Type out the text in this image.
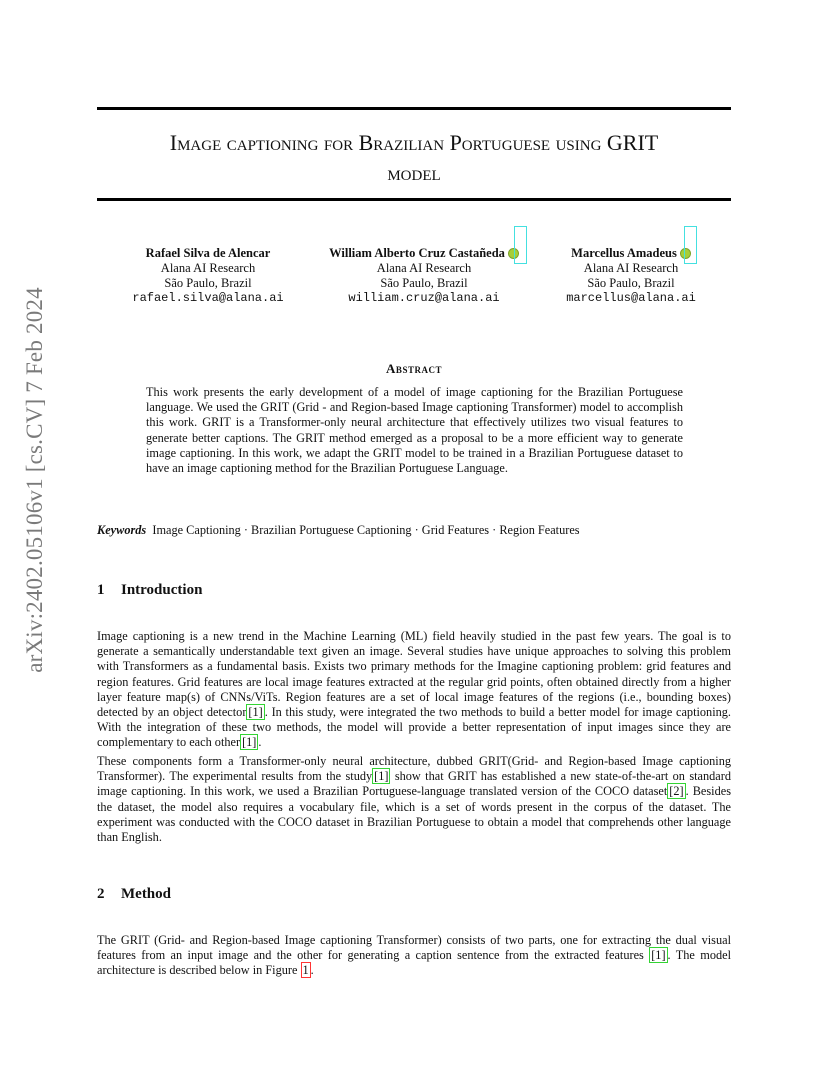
arXiv:2402.05106v1 [cs.CV] 7 Feb 2024
Image captioning for Brazilian Portuguese using GRIT
model
Rafael Silva de Alencar
Alana AI Research
São Paulo, Brazil
rafael.silva@alana.ai
William Alberto Cruz Castañeda
Alana AI Research
São Paulo, Brazil
william.cruz@alana.ai
Marcellus Amadeus
Alana AI Research
São Paulo, Brazil
marcellus@alana.ai
Abstract
This work presents the early development of a model of image captioning for the Brazilian Portuguese language. We used the GRIT (Grid - and Region-based Image captioning Transformer) model to accomplish this work. GRIT is a Transformer-only neural architecture that effectively utilizes two visual features to generate better captions. The GRIT method emerged as a proposal to be a more efficient way to generate image captioning. In this work, we adapt the GRIT model to be trained in a Brazilian Portuguese dataset to have an image captioning method for the Brazilian Portuguese Language.
Keywords Image Captioning · Brazilian Portuguese Captioning · Grid Features · Region Features
1 Introduction
Image captioning is a new trend in the Machine Learning (ML) field heavily studied in the past few years. The goal is to generate a semantically understandable text given an image. Several studies have unique approaches to solving this problem with Transformers as a fundamental basis. Exists two primary methods for the Imagine captioning problem: grid features and region features. Grid features are local image features extracted at the regular grid points, often obtained directly from a higher layer feature map(s) of CNNs/ViTs. Region features are a set of local image features of the regions (i.e., bounding boxes) detected by an object detector [1] . In this study, were integrated the two methods to build a better model for image captioning. With the integration of these two methods, the model will provide a better representation of input images since they are complementary to each other [1] .
These components form a Transformer-only neural architecture, dubbed GRIT(Grid- and Region-based Image captioning Transformer). The experimental results from the study [1] show that GRIT has established a new state-of-the-art on standard image captioning. In this work, we used a Brazilian Portuguese-language translated version of the COCO dataset [2] . Besides the dataset, the model also requires a vocabulary file, which is a set of words present in the corpus of the dataset. The experiment was conducted with the COCO dataset in Brazilian Portuguese to obtain a model that comprehends other language than English.
2 Method
The GRIT (Grid- and Region-based Image captioning Transformer) consists of two parts, one for extracting the dual visual features from an input image and the other for generating a caption sentence from the extracted features [1] . The model architecture is described below in Figure 1 .
